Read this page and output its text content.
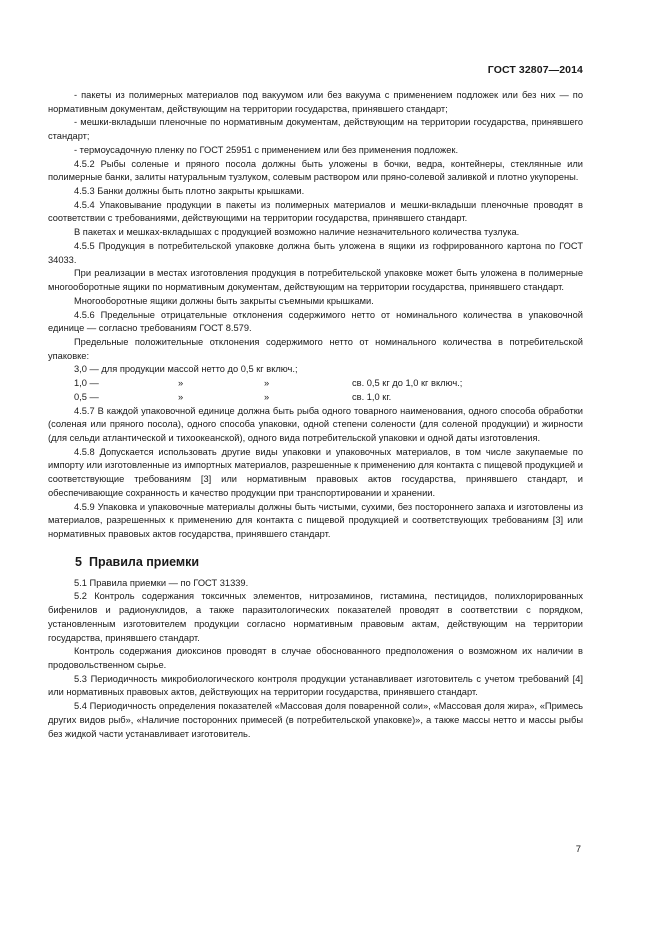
ГОСТ 32807—2014

- пакеты из полимерных материалов под вакуумом или без вакуума с применением подложек или без них — по нормативным документам, действующим на территории государства, принявшего стандарт;

- мешки-вкладыши пленочные по нормативным документам, действующим на территории государства, принявшего стандарт;

- термоусадочную пленку по ГОСТ 25951 с применением или без применения подложек.

4.5.2 Рыбы соленые и пряного посола должны быть уложены в бочки, ведра, контейнеры, стеклянные или полимерные банки, залиты натуральным тузлуком, солевым раствором или пряно-солевой заливкой и плотно укупорены.

4.5.3 Банки должны быть плотно закрыты крышками.

4.5.4 Упаковывание продукции в пакеты из полимерных материалов и мешки-вкладыши пленочные проводят в соответствии с требованиями, действующими на территории государства, принявшего стандарт.

В пакетах и мешках-вкладышах с продукцией возможно наличие незначительного количества тузлука.

4.5.5 Продукция в потребительской упаковке должна быть уложена в ящики из гофрированного картона по ГОСТ 34033.

При реализации в местах изготовления продукция в потребительской упаковке может быть уложена в полимерные многооборотные ящики по нормативным документам, действующим на территории государства, принявшего стандарт.

Многооборотные ящики должны быть закрыты съемными крышками.

4.5.6 Предельные отрицательные отклонения содержимого нетто от номинального количества в упаковочной единице — согласно требованиям ГОСТ 8.579.

Предельные положительные отклонения содержимого нетто от номинального количества в потребительской упаковке:

3,0 — для продукции массой нетто до 0,5 кг включ.;

1,0 —	»	»	св. 0,5 кг до 1,0 кг включ.;
0,5 —	»	»	св. 1,0 кг.

4.5.7 В каждой упаковочной единице должна быть рыба одного товарного наименования, одного способа обработки (соленая или пряного посола), одного способа упаковки, одной степени солености (для соленой продукции) и жирности (для сельди атлантической и тихоокеанской), одного вида потребительской упаковки и одной даты изготовления.

4.5.8 Допускается использовать другие виды упаковки и упаковочных материалов, в том числе закупаемые по импорту или изготовленные из импортных материалов, разрешенные к применению для контакта с пищевой продукцией и соответствующие требованиям [3] или нормативным правовых актов государства, принявшего стандарт, и обеспечивающие сохранность и качество продукции при транспортировании и хранении.

4.5.9 Упаковка и упаковочные материалы должны быть чистыми, сухими, без постороннего запаха и изготовлены из материалов, разрешенных к применению для контакта с пищевой продукцией и соответствующих требованиям [3] или нормативных правовых актов государства, принявшего стандарт.

5 Правила приемки

5.1 Правила приемки — по ГОСТ 31339.

5.2 Контроль содержания токсичных элементов, нитрозаминов, гистамина, пестицидов, полихлорированных бифенилов и радионуклидов, а также паразитологических показателей проводят в соответствии с порядком, установленным изготовителем продукции согласно нормативным правовым актам, действующим на территории государства, принявшего стандарт.

Контроль содержания диоксинов проводят в случае обоснованного предположения о возможном их наличии в продовольственном сырье.

5.3 Периодичность микробиологического контроля продукции устанавливает изготовитель с учетом требований [4] или нормативных правовых актов, действующих на территории государства, принявшего стандарт.

5.4 Периодичность определения показателей «Массовая доля поваренной соли», «Массовая доля жира», «Примесь других видов рыб», «Наличие посторонних примесей (в потребительской упаковке)», а также массы нетто и массы рыбы без жидкой части устанавливает изготовитель.

7
